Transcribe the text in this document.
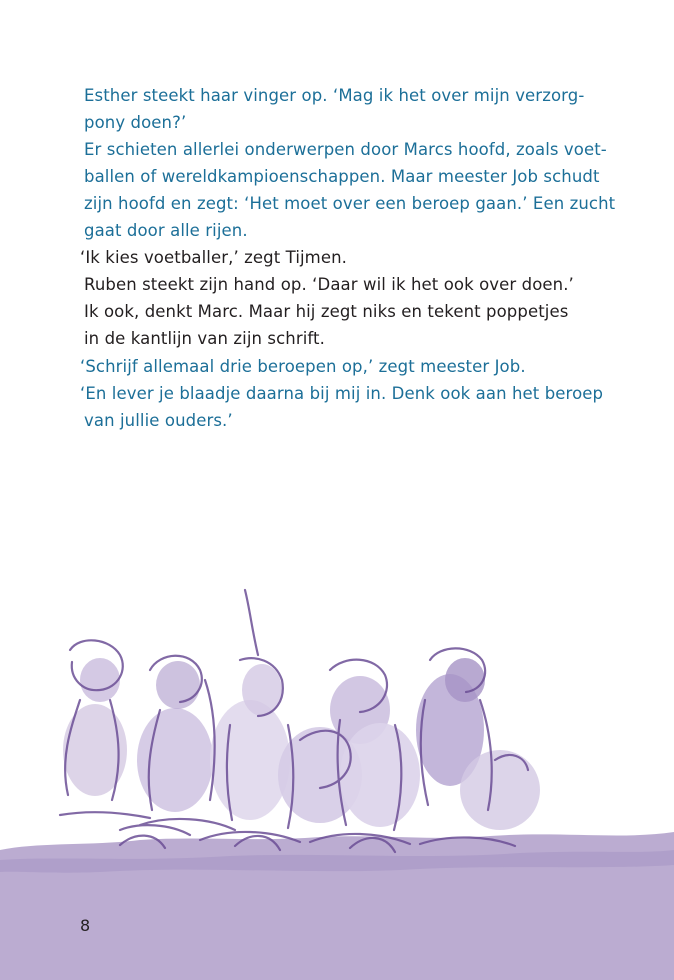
Esther steekt haar vinger op. ‘Mag ik het over mijn verzorg-
pony doen?’
Er schieten allerlei onderwerpen door Marcs hoofd, zoals voet-
ballen of wereldkampioenschappen. Maar meester Job schudt
zijn hoofd en zegt: ‘Het moet over een beroep gaan.’ Een zucht
gaat door alle rijen.
‘Ik kies voetballer,’ zegt Tijmen.
Ruben steekt zijn hand op. ‘Daar wil ik het ook over doen.’
Ik ook, denkt Marc. Maar hij zegt niks en tekent poppetjes
in de kantlijn van zijn schrift.
‘Schrijf allemaal drie beroepen op,’ zegt meester Job.
‘En lever je blaadje daarna bij mij in. Denk ook aan het beroep
van jullie ouders.’
8
